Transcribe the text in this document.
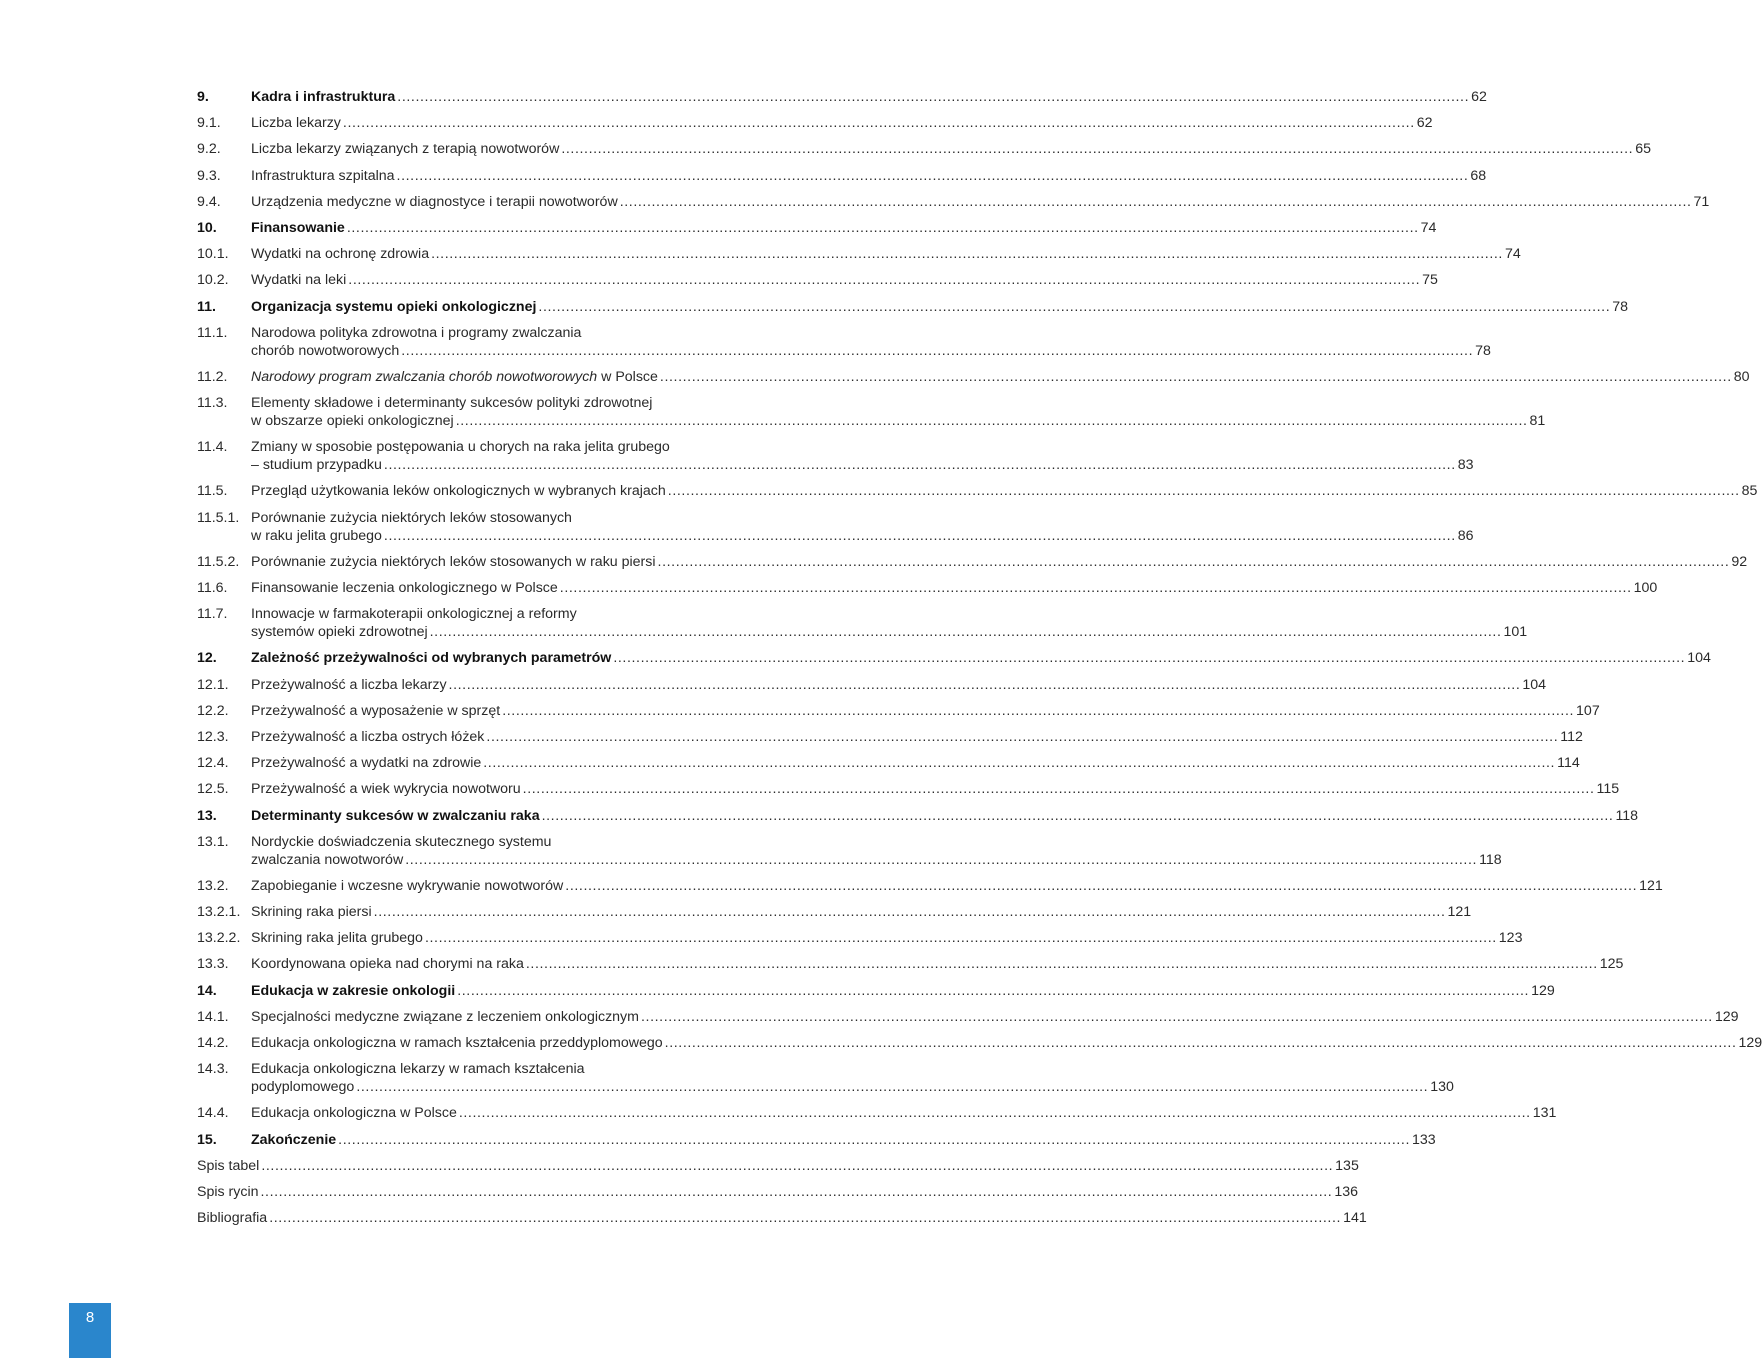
9.	Kadra i infrastruktura .....	62
9.1.	Liczba lekarzy .....	62
9.2.	Liczba lekarzy związanych z terapią nowotworów .....	65
9.3.	Infrastruktura szpitalna .....	68
9.4.	Urządzenia medyczne w diagnostyce i terapii nowotworów .....	71
10.	Finansowanie .....	74
10.1.	Wydatki na ochronę zdrowia .....	74
10.2.	Wydatki na leki .....	75
11.	Organizacja systemu opieki onkologicznej .....	78
11.1.	Narodowa polityka zdrowotna i programy zwalczania
chorób nowotworowych .....	78
11.2.	Narodowy program zwalczania chorób nowotworowych w Polsce .....	80
11.3.	Elementy składowe i determinanty sukcesów polityki zdrowotnej
w obszarze opieki onkologicznej .....	81
11.4.	Zmiany w sposobie postępowania u chorych na raka jelita grubego
– studium przypadku .....	83
11.5.	Przegląd użytkowania leków onkologicznych w wybranych krajach .....	85
11.5.1. Porównanie zużycia niektórych leków stosowanych
w raku jelita grubego .....	86
11.5.2. Porównanie zużycia niektórych leków stosowanych w raku piersi .....	92
11.6.	Finansowanie leczenia onkologicznego w Polsce .....	100
11.7.	Innowacje w farmakoterapii onkologicznej a reformy
systemów opieki zdrowotnej .....	101
12.	Zależność przeżywalności od wybranych parametrów .....	104
12.1.	Przeżywalność a liczba lekarzy .....	104
12.2.	Przeżywalność a wyposażenie w sprzęt .....	107
12.3.	Przeżywalność a liczba ostrych łóżek .....	112
12.4.	Przeżywalność a wydatki na zdrowie .....	114
12.5.	Przeżywalność a wiek wykrycia nowotworu .....	115
13.	Determinanty sukcesów w zwalczaniu raka .....	118
13.1.	Nordyckie doświadczenia skutecznego systemu
zwalczania nowotworów .....	118
13.2.	Zapobieganie i wczesne wykrywanie nowotworów .....	121
13.2.1. Skrining raka piersi .....	121
13.2.2. Skrining raka jelita grubego .....	123
13.3.	Koordynowana opieka nad chorymi na raka .....	125
14.	Edukacja w zakresie onkologii .....	129
14.1.	Specjalności medyczne związane z leczeniem onkologicznym .....	129
14.2.	Edukacja onkologiczna w ramach kształcenia przeddyplomowego .....	129
14.3.	Edukacja onkologiczna lekarzy w ramach kształcenia
podyplomowego .....	130
14.4.	Edukacja onkologiczna w Polsce .....	131
15.	Zakończenie .....	133
Spis tabel .....	135
Spis rycin .....	136
Bibliografia .....	141
8
